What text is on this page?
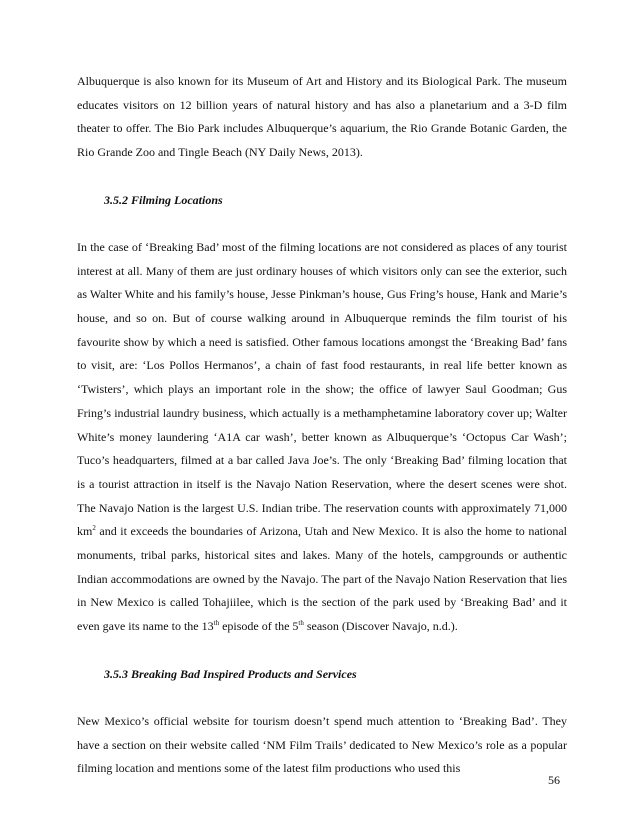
Albuquerque is also known for its Museum of Art and History and its Biological Park. The museum educates visitors on 12 billion years of natural history and has also a planetarium and a 3-D film theater to offer. The Bio Park includes Albuquerque’s aquarium, the Rio Grande Botanic Garden, the Rio Grande Zoo and Tingle Beach (NY Daily News, 2013).

3.5.2 Filming Locations

In the case of ‘Breaking Bad’ most of the filming locations are not considered as places of any tourist interest at all. Many of them are just ordinary houses of which visitors only can see the exterior, such as Walter White and his family’s house, Jesse Pinkman’s house, Gus Fring’s house, Hank and Marie’s house, and so on. But of course walking around in Albuquerque reminds the film tourist of his favourite show by which a need is satisfied. Other famous locations amongst the ‘Breaking Bad’ fans to visit, are: ‘Los Pollos Hermanos’, a chain of fast food restaurants, in real life better known as ‘Twisters’, which plays an important role in the show; the office of lawyer Saul Goodman; Gus Fring’s industrial laundry business, which actually is a methamphetamine laboratory cover up; Walter White’s money laundering ‘A1A car wash’, better known as Albuquerque’s ‘Octopus Car Wash’; Tuco’s headquarters, filmed at a bar called Java Joe’s. The only ‘Breaking Bad’ filming location that is a tourist attraction in itself is the Navajo Nation Reservation, where the desert scenes were shot. The Navajo Nation is the largest U.S. Indian tribe. The reservation counts with approximately 71,000 $km^2$ and it exceeds the boundaries of Arizona, Utah and New Mexico. It is also the home to national monuments, tribal parks, historical sites and lakes. Many of the hotels, campgrounds or authentic Indian accommodations are owned by the Navajo. The part of the Navajo Nation Reservation that lies in New Mexico is called Tohajiilee, which is the section of the park used by ‘Breaking Bad’ and it even gave its name to the 13th episode of the 5th season (Discover Navajo, n.d.).

3.5.3 Breaking Bad Inspired Products and Services

New Mexico’s official website for tourism doesn’t spend much attention to ‘Breaking Bad’. They have a section on their website called ‘NM Film Trails’ dedicated to New Mexico’s role as a popular filming location and mentions some of the latest film productions who used this

56
